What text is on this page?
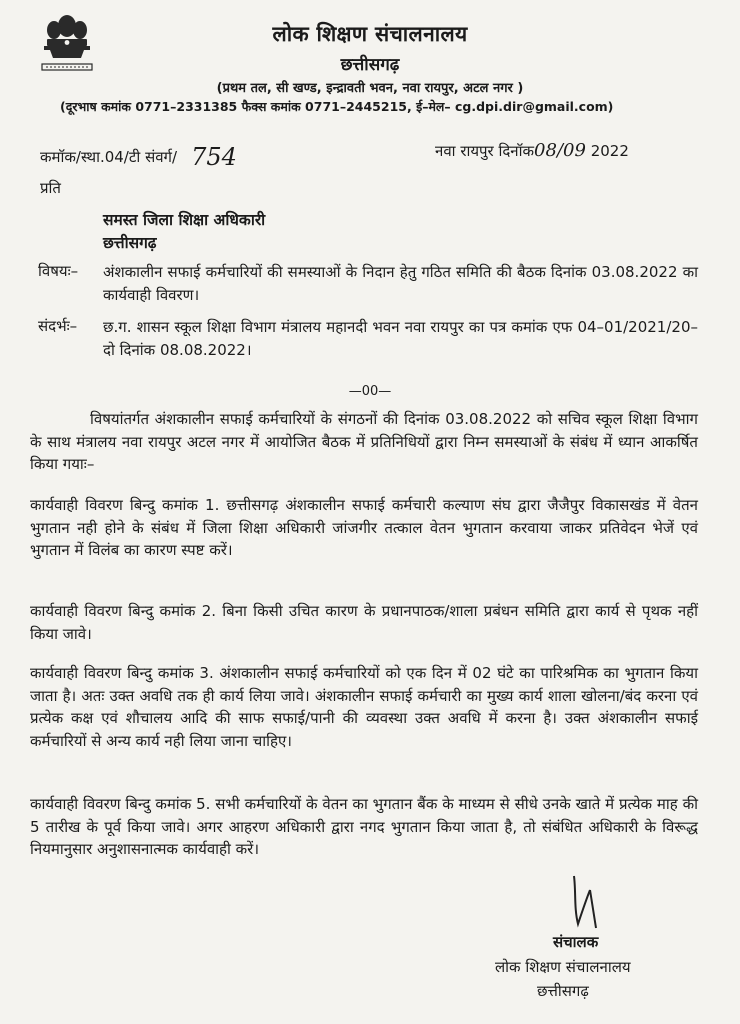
लोक शिक्षण संचालनालय
छत्तीसगढ़
(प्रथम तल, सी खण्ड, इन्द्रावती भवन, नवा रायपुर, अटल नगर )
(दूरभाष कमांक 0771–2331385 फैक्स कमांक 0771–2445215, ई–मेल– cg.dpi.dir@gmail.com)
कमॉक/स्था.04/टी संवर्ग/ 754	नवा रायपुर दिनॉक08/09 2022
प्रति
समस्त जिला शिक्षा अधिकारी
छत्तीसगढ़
विषयः– अंशकालीन सफाई कर्मचारियों की समस्याओं के निदान हेतु गठित समिति की बैठक दिनांक 03.08.2022 का कार्यवाही विवरण।
संदर्भः– छ.ग. शासन स्कूल शिक्षा विभाग मंत्रालय महानदी भवन नवा रायपुर का पत्र कमांक एफ 04–01/2021/20–दो दिनांक 08.08.2022।
—00—
विषयांतर्गत अंशकालीन सफाई कर्मचारियों के संगठनों की दिनांक 03.08.2022 को सचिव स्कूल शिक्षा विभाग के साथ मंत्रालय नवा रायपुर अटल नगर में आयोजित बैठक में प्रतिनिधियों द्वारा निम्न समस्याओं के संबंध में ध्यान आकर्षित किया गयाः–
कार्यवाही विवरण बिन्दु कमांक 1. छत्तीसगढ़ अंशकालीन सफाई कर्मचारी कल्याण संघ द्वारा जैजैपुर विकासखंड में वेतन भुगतान नही होने के संबंध में जिला शिक्षा अधिकारी जांजगीर तत्काल वेतन भुगतान करवाया जाकर प्रतिवेदन भेजें एवं भुगतान में विलंब का कारण स्पष्ट करें।
कार्यवाही विवरण बिन्दु कमांक 2. बिना किसी उचित कारण के प्रधानपाठक/शाला प्रबंधन समिति द्वारा कार्य से पृथक नहीं किया जावे।
कार्यवाही विवरण बिन्दु कमांक 3. अंशकालीन सफाई कर्मचारियों को एक दिन में 02 घंटे का पारिश्रमिक का भुगतान किया जाता है। अतः उक्त अवधि तक ही कार्य लिया जावे। अंशकालीन सफाई कर्मचारी का मुख्य कार्य शाला खोलना/बंद करना एवं प्रत्येक कक्ष एवं शौचालय आदि की साफ सफाई/पानी की व्यवस्था उक्त अवधि में करना है। उक्त अंशकालीन सफाई कर्मचारियों से अन्य कार्य नही लिया जाना चाहिए।
कार्यवाही विवरण बिन्दु कमांक 5. सभी कर्मचारियों के वेतन का भुगतान बैंक के माध्यम से सीधे उनके खाते में प्रत्येक माह की 5 तारीख के पूर्व किया जावे। अगर आहरण अधिकारी द्वारा नगद भुगतान किया जाता है, तो संबंधित अधिकारी के विरूद्ध नियमानुसार अनुशासनात्मक कार्यवाही करें।
संचालक
लोक शिक्षण संचालनालय
छत्तीसगढ़
